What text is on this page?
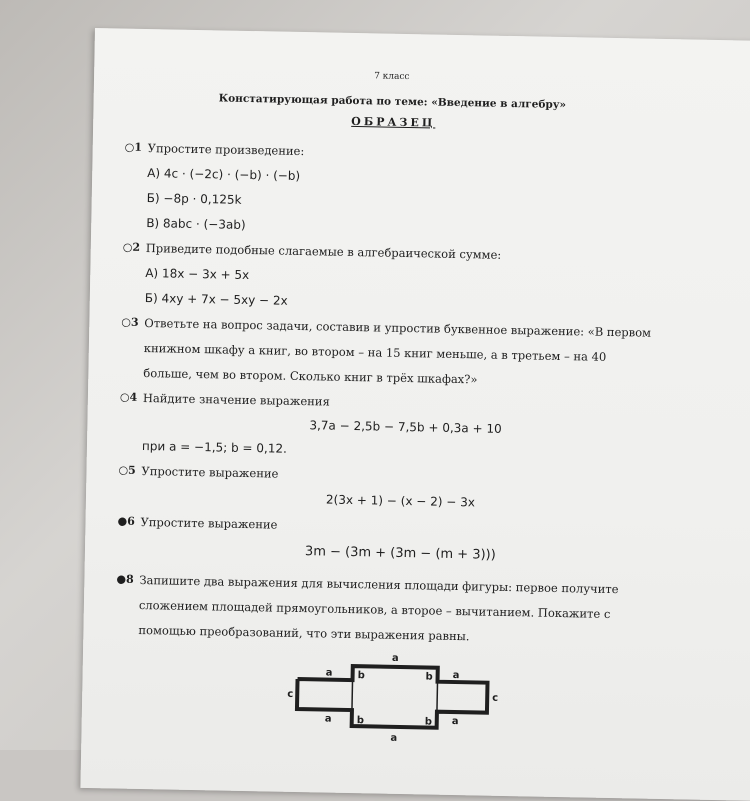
7 класс
Констатирующая работа по теме: «Введение в алгебру»
ОБРАЗЕЦ
○1 Упростите произведение:
А) 4c · (−2c) · (−b) · (−b)
Б) −8p · 0,125k
В) 8abc · (−3ab)
○2 Приведите подобные слагаемые в алгебраической сумме:
А) 18x − 3x + 5x
Б) 4xy + 7x − 5xy − 2x
○3 Ответьте на вопрос задачи, составив и упростив буквенное выражение: «В первом
книжном шкафу a книг, во втором – на 15 книг меньше, а в третьем – на 40
больше, чем во втором. Сколько книг в трёх шкафах?»
○4 Найдите значение выражения
3,7a − 2,5b − 7,5b + 0,3a + 10
при a = −1,5; b = 0,12.
○5 Упростите выражение
2(3x + 1) − (x − 2) − 3x
●6 Упростите выражение
3m − (3m + (3m − (m + 3)))
●8 Запишите два выражения для вычисления площади фигуры: первое получите
сложением площадей прямоугольников, а второе – вычитанием. Покажите с
помощью преобразований, что эти выражения равны.
a
a	a
b	b
c	c
a	a
b	b
a
